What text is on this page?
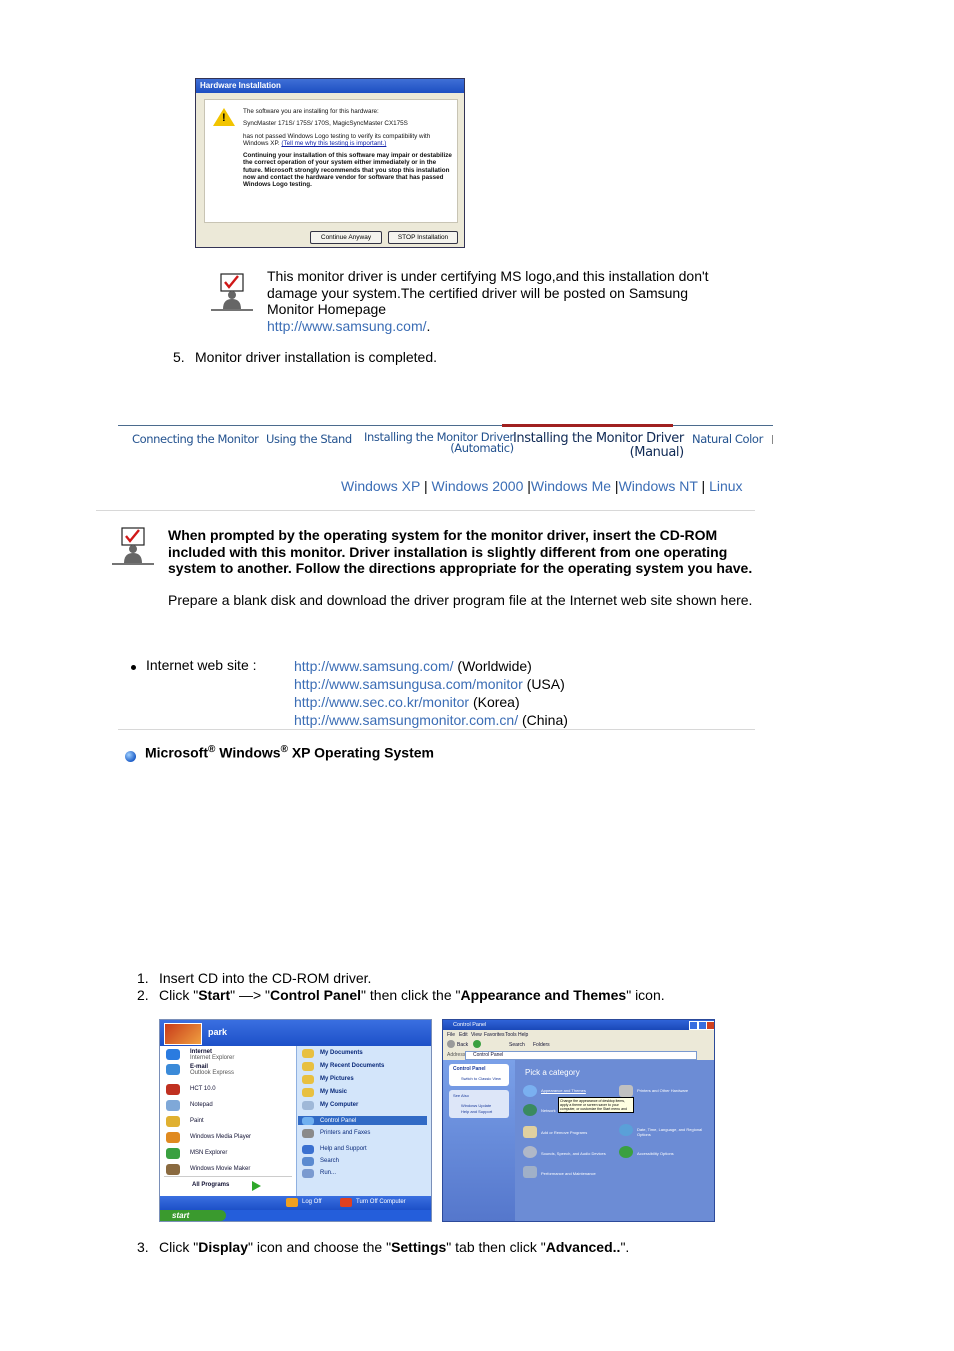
Hardware Installation
!

The software you are installing for this hardware:

SyncMaster 171S/ 175S/ 170S, MagicSyncMaster CX175S

has not passed Windows Logo testing to verify its compatibility with Windows XP. (Tell me why this testing is important.)

Continuing your installation of this software may impair or destabilize the correct operation of your system either immediately or in the future. Microsoft strongly recommends that you stop this installation now and contact the hardware vendor for software that has passed Windows Logo testing.

Continue Anyway	STOP Installation
This monitor driver is under certifying MS logo,and this installation don't damage your system.The certified driver will be posted on Samsung Monitor Homepage
http://www.samsung.com/.
5. Monitor driver installation is completed.
Connecting the Monitor Using the Stand Installing the Monitor Driver
(Automatic)
Installing the Monitor Driver
(Manual)
Natural Color
Windows XP | Windows 2000 |Windows Me |Windows NT | Linux
When prompted by the operating system for the monitor driver, insert the CD-ROM included with this monitor. Driver installation is slightly different from one operating system to another. Follow the directions appropriate for the operating system you have.
Prepare a blank disk and download the driver program file at the Internet web site shown here.
Internet web site :	http://www.samsung.com/ (Worldwide)
http://www.samsungusa.com/monitor (USA)
http://www.sec.co.kr/monitor (Korea)
http://www.samsungmonitor.com.cn/ (China)
Microsoft® Windows® XP Operating System
1. Insert CD into the CD-ROM driver.
2. Click "Start" —> "Control Panel" then click the "Appearance and Themes" icon.
park
Log Off	Turn Off Computer
start
Internet
Internet Explorer
E-mail
Outlook Express
HCT 10.0
Notepad
Paint
Windows Media Player
MSN Explorer
Windows Movie Maker
All Programs
My Documents
My Recent Documents
My Pictures
My Music
My Computer
Control Panel
Printers and Faxes
Help and Support
Search
Run...
Control Panel
File Edit View Favorites Tools Help
Back	Search Folders
Address Control Panel
Control Panel
Switch to Classic View
See Also
Windows Update
Help and Support
Pick a category
Appearance and Themes	Printers and Other Hardware
Network
Change the appearance of desktop items, apply a theme or screen saver to your computer, or customize the Start menu and taskbar.
Add or Remove Programs
Date, Time, Language, and Regional Options
Sounds, Speech, and Audio Devices	Accessibility Options
Performance and Maintenance
3. Click "Display" icon and choose the "Settings" tab then click "Advanced..".
